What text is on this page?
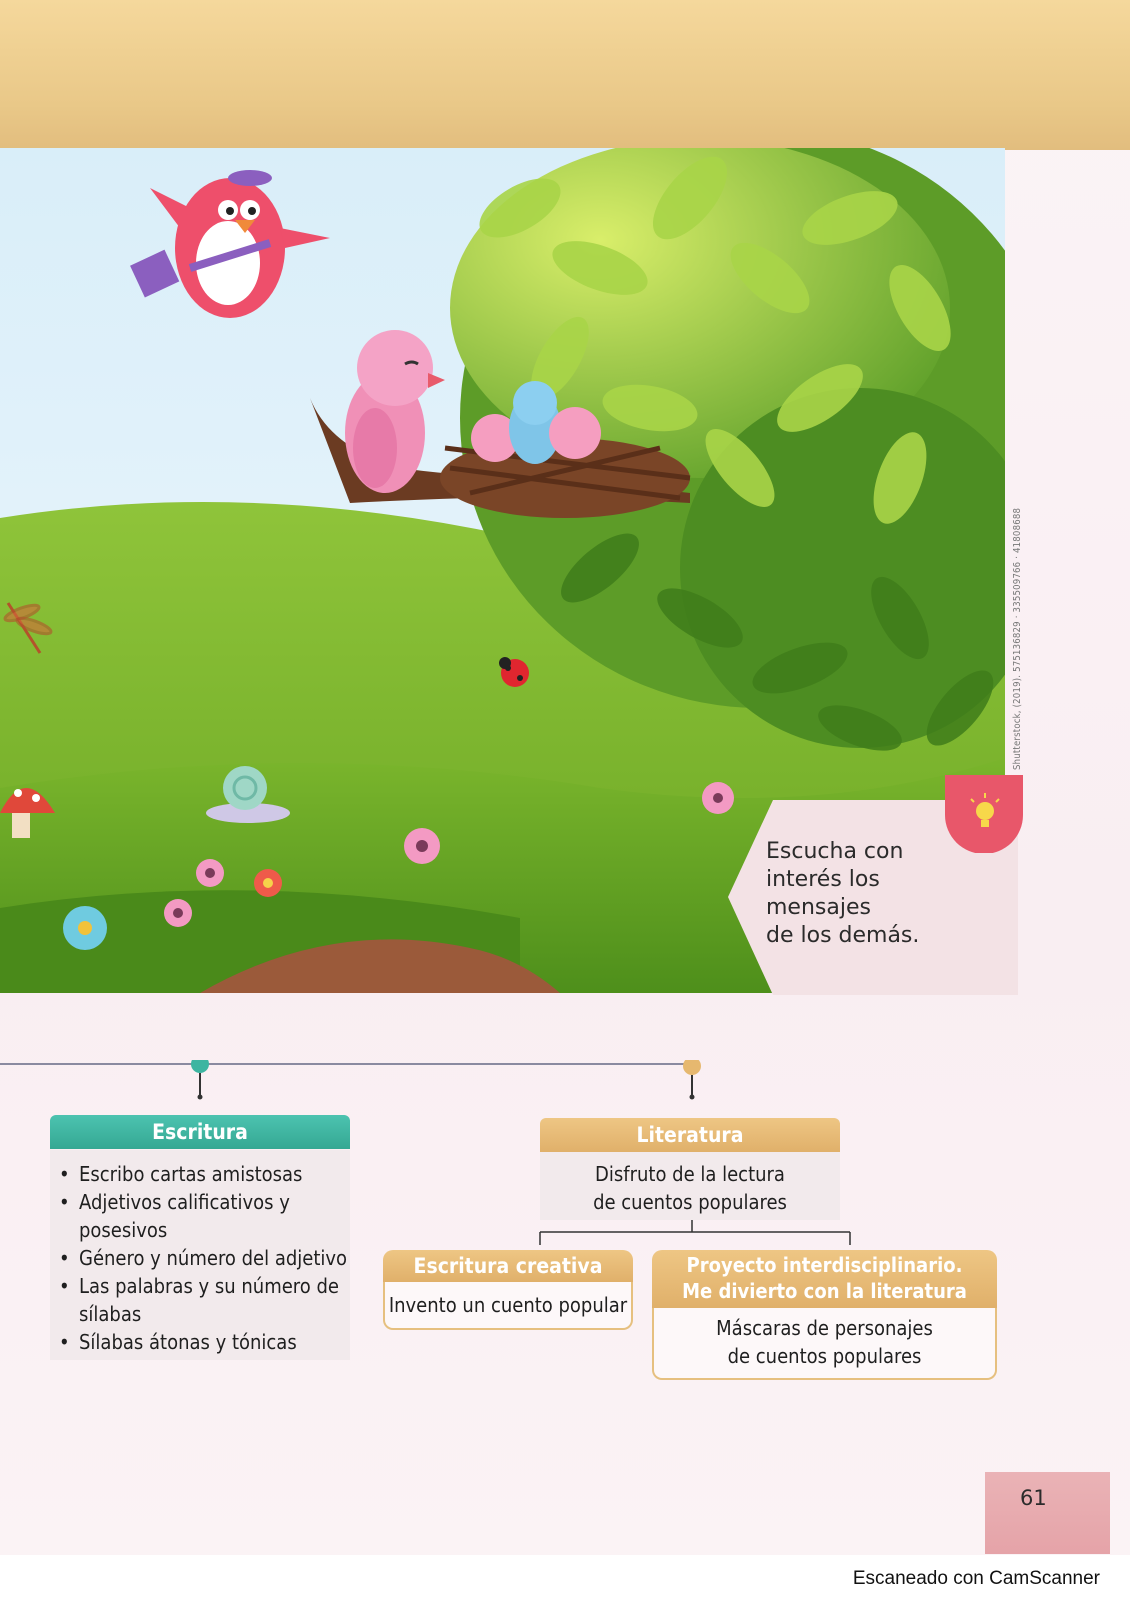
Shutterstock, (2019). 575136829 · 335509766 · 41808688

Escucha con
interés los
mensajes
de los demás.

Escritura
• Escribo cartas amistosas
• Adjetivos calificativos y posesivos
• Género y número del adjetivo
• Las palabras y su número de sílabas
• Sílabas átonas y tónicas
Literatura
Disfruto de la lectura
de cuentos populares
Escritura creativa
Invento un cuento popular
Proyecto interdisciplinario.
Me divierto con la literatura
Máscaras de personajes
de cuentos populares
61
Escaneado con CamScanner
